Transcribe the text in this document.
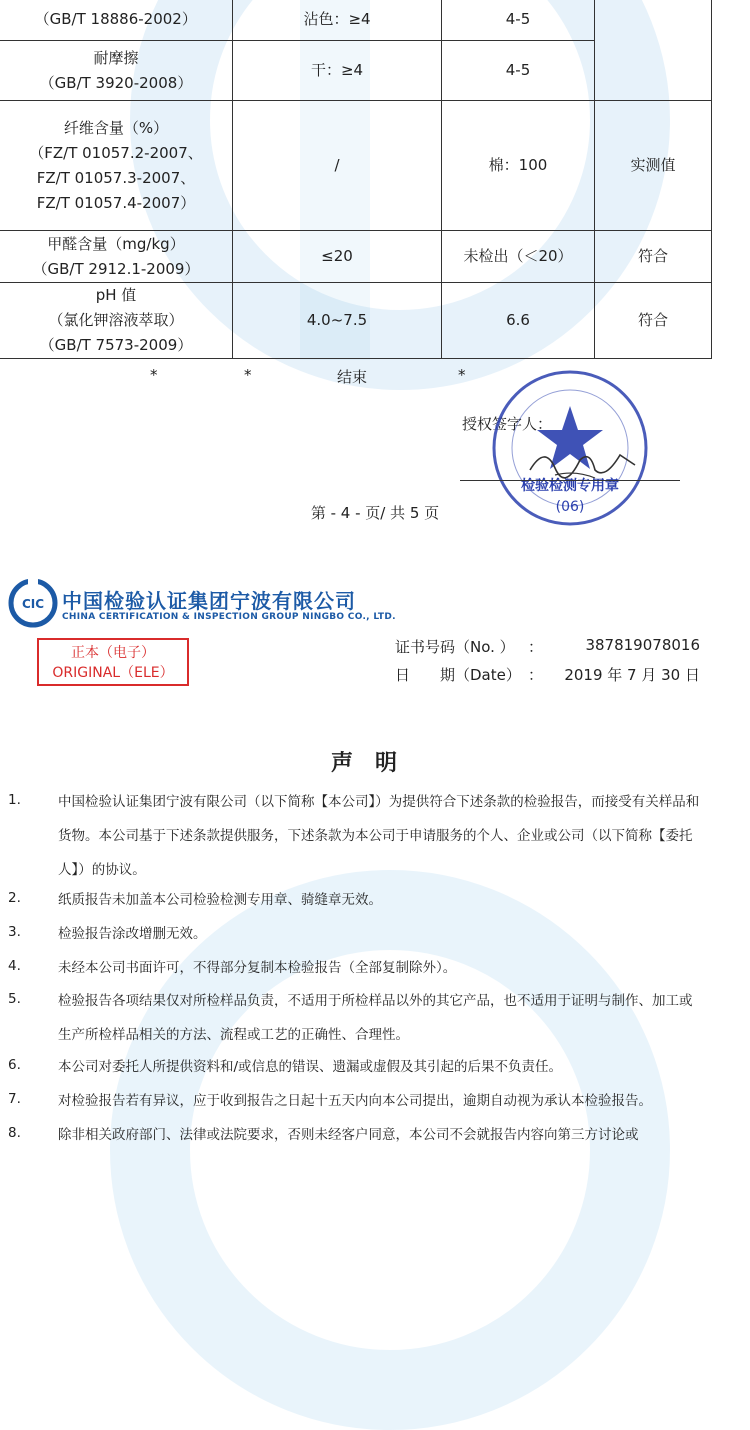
（GB/T 18886-2002）	沾色：≥4	4-5	

耐摩擦
（GB/T 3920-2008）	干：≥4	4-5	

纤维含量（%）
（FZ/T 01057.2-2007、
FZ/T 01057.3-2007、
FZ/T 01057.4-2007）	/	棉：100	实测值

甲醛含量（mg/kg）
（GB/T 2912.1-2009）	≤20	未检出（＜20）	符合

pH 值
（氯化钾溶液萃取）
（GB/T 7573-2009）	4.0~7.5	6.6	符合
*	*	结束	*
授权签字人：
检验检测专用章
(06)
第 - 4 - 页/ 共 5 页
CIC 中国检验认证集团宁波有限公司
CHINA CERTIFICATION & INSPECTION GROUP NINGBO CO., LTD.
正本（电子）
ORIGINAL（ELE）
证书号码（No. ） ：	387819078016
日　　期（Date） ： 2019 年 7 月 30 日
声明
1.	中国检验认证集团宁波有限公司（以下简称【本公司】）为提供符合下述条款的检验报告，而接受有关样品和货物。本公司基于下述条款提供服务，下述条款为本公司于申请服务的个人、企业或公司（以下简称【委托人】）的协议。
2.	纸质报告未加盖本公司检验检测专用章、骑缝章无效。
3.	检验报告涂改增删无效。
4.	未经本公司书面许可，不得部分复制本检验报告（全部复制除外）。
5.	检验报告各项结果仅对所检样品负责，不适用于所检样品以外的其它产品，也不适用于证明与制作、加工或生产所检样品相关的方法、流程或工艺的正确性、合理性。
6.	本公司对委托人所提供资料和/或信息的错误、遗漏或虚假及其引起的后果不负责任。
7.	对检验报告若有异议，应于收到报告之日起十五天内向本公司提出，逾期自动视为承认本检验报告。
8.	除非相关政府部门、法律或法院要求，否则未经客户同意，本公司不会就报告内容向第三方讨论或
